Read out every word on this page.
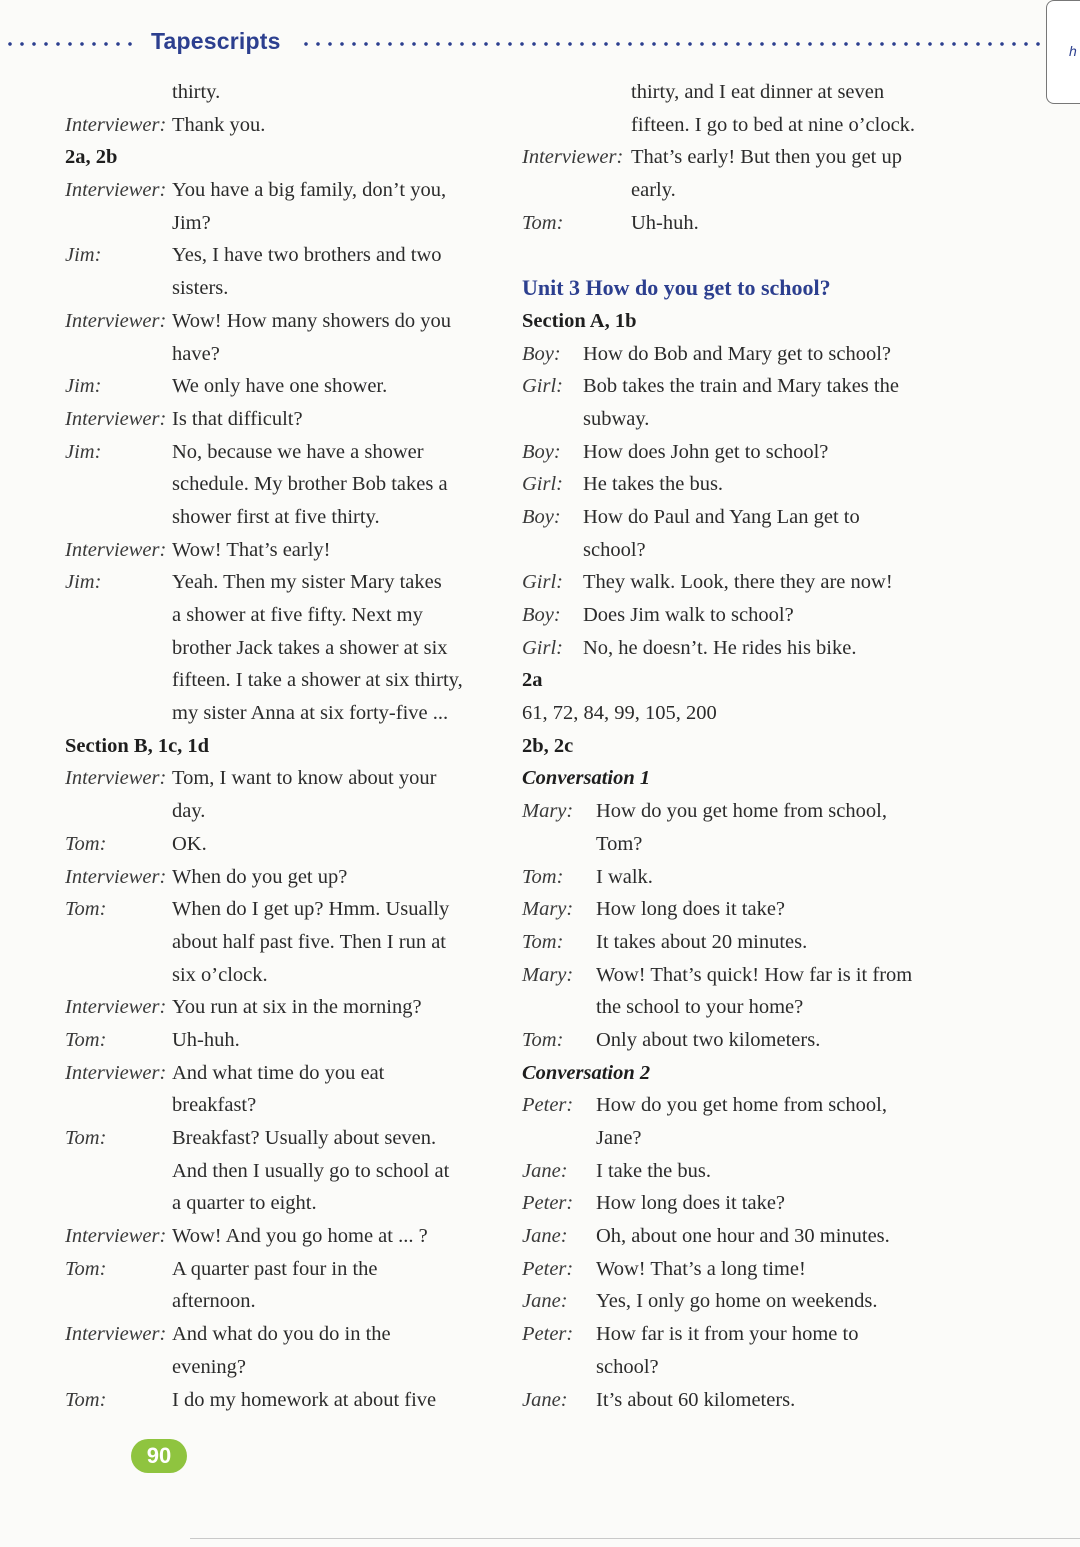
Tapescripts	h
thirty.
Interviewer: Thank you.
2a, 2b
Interviewer: You have a big family, don’t you,
Jim?
Jim:	Yes, I have two brothers and two
sisters.
Interviewer: Wow! How many showers do you
have?
Jim:	We only have one shower.
Interviewer: Is that difficult?
Jim:	No, because we have a shower
schedule. My brother Bob takes a
shower first at five thirty.
Interviewer: Wow! That’s early!
Jim:	Yeah. Then my sister Mary takes
a shower at five fifty. Next my
brother Jack takes a shower at six
fifteen. I take a shower at six thirty,
my sister Anna at six forty-five ...
Section B, 1c, 1d
Interviewer: Tom, I want to know about your
day.
Tom:	OK.
Interviewer: When do you get up?
Tom:	When do I get up? Hmm. Usually
about half past five. Then I run at
six o’clock.
Interviewer: You run at six in the morning?
Tom:	Uh-huh.
Interviewer: And what time do you eat
breakfast?
Tom:	Breakfast? Usually about seven.
And then I usually go to school at
a quarter to eight.
Interviewer: Wow! And you go home at ... ?
Tom:	A quarter past four in the
afternoon.
Interviewer: And what do you do in the
evening?
Tom:	I do my homework at about five
thirty, and I eat dinner at seven
fifteen. I go to bed at nine o’clock.
Interviewer: That’s early! But then you get up
early.
Tom:	Uh-huh.
Unit 3 How do you get to school?
Section A, 1b
Boy: How do Bob and Mary get to school?
Girl: Bob takes the train and Mary takes the
subway.
Boy: How does John get to school?
Girl: He takes the bus.
Boy: How do Paul and Yang Lan get to
school?
Girl: They walk. Look, there they are now!
Boy: Does Jim walk to school?
Girl: No, he doesn’t. He rides his bike.
2a
61, 72, 84, 99, 105, 200
2b, 2c
Conversation 1
Mary: How do you get home from school,
Tom?
Tom: I walk.
Mary: How long does it take?
Tom: It takes about 20 minutes.
Mary: Wow! That’s quick! How far is it from
the school to your home?
Tom: Only about two kilometers.
Conversation 2
Peter: How do you get home from school,
Jane?
Jane: I take the bus.
Peter: How long does it take?
Jane: Oh, about one hour and 30 minutes.
Peter: Wow! That’s a long time!
Jane: Yes, I only go home on weekends.
Peter: How far is it from your home to
school?
Jane: It’s about 60 kilometers.
90
